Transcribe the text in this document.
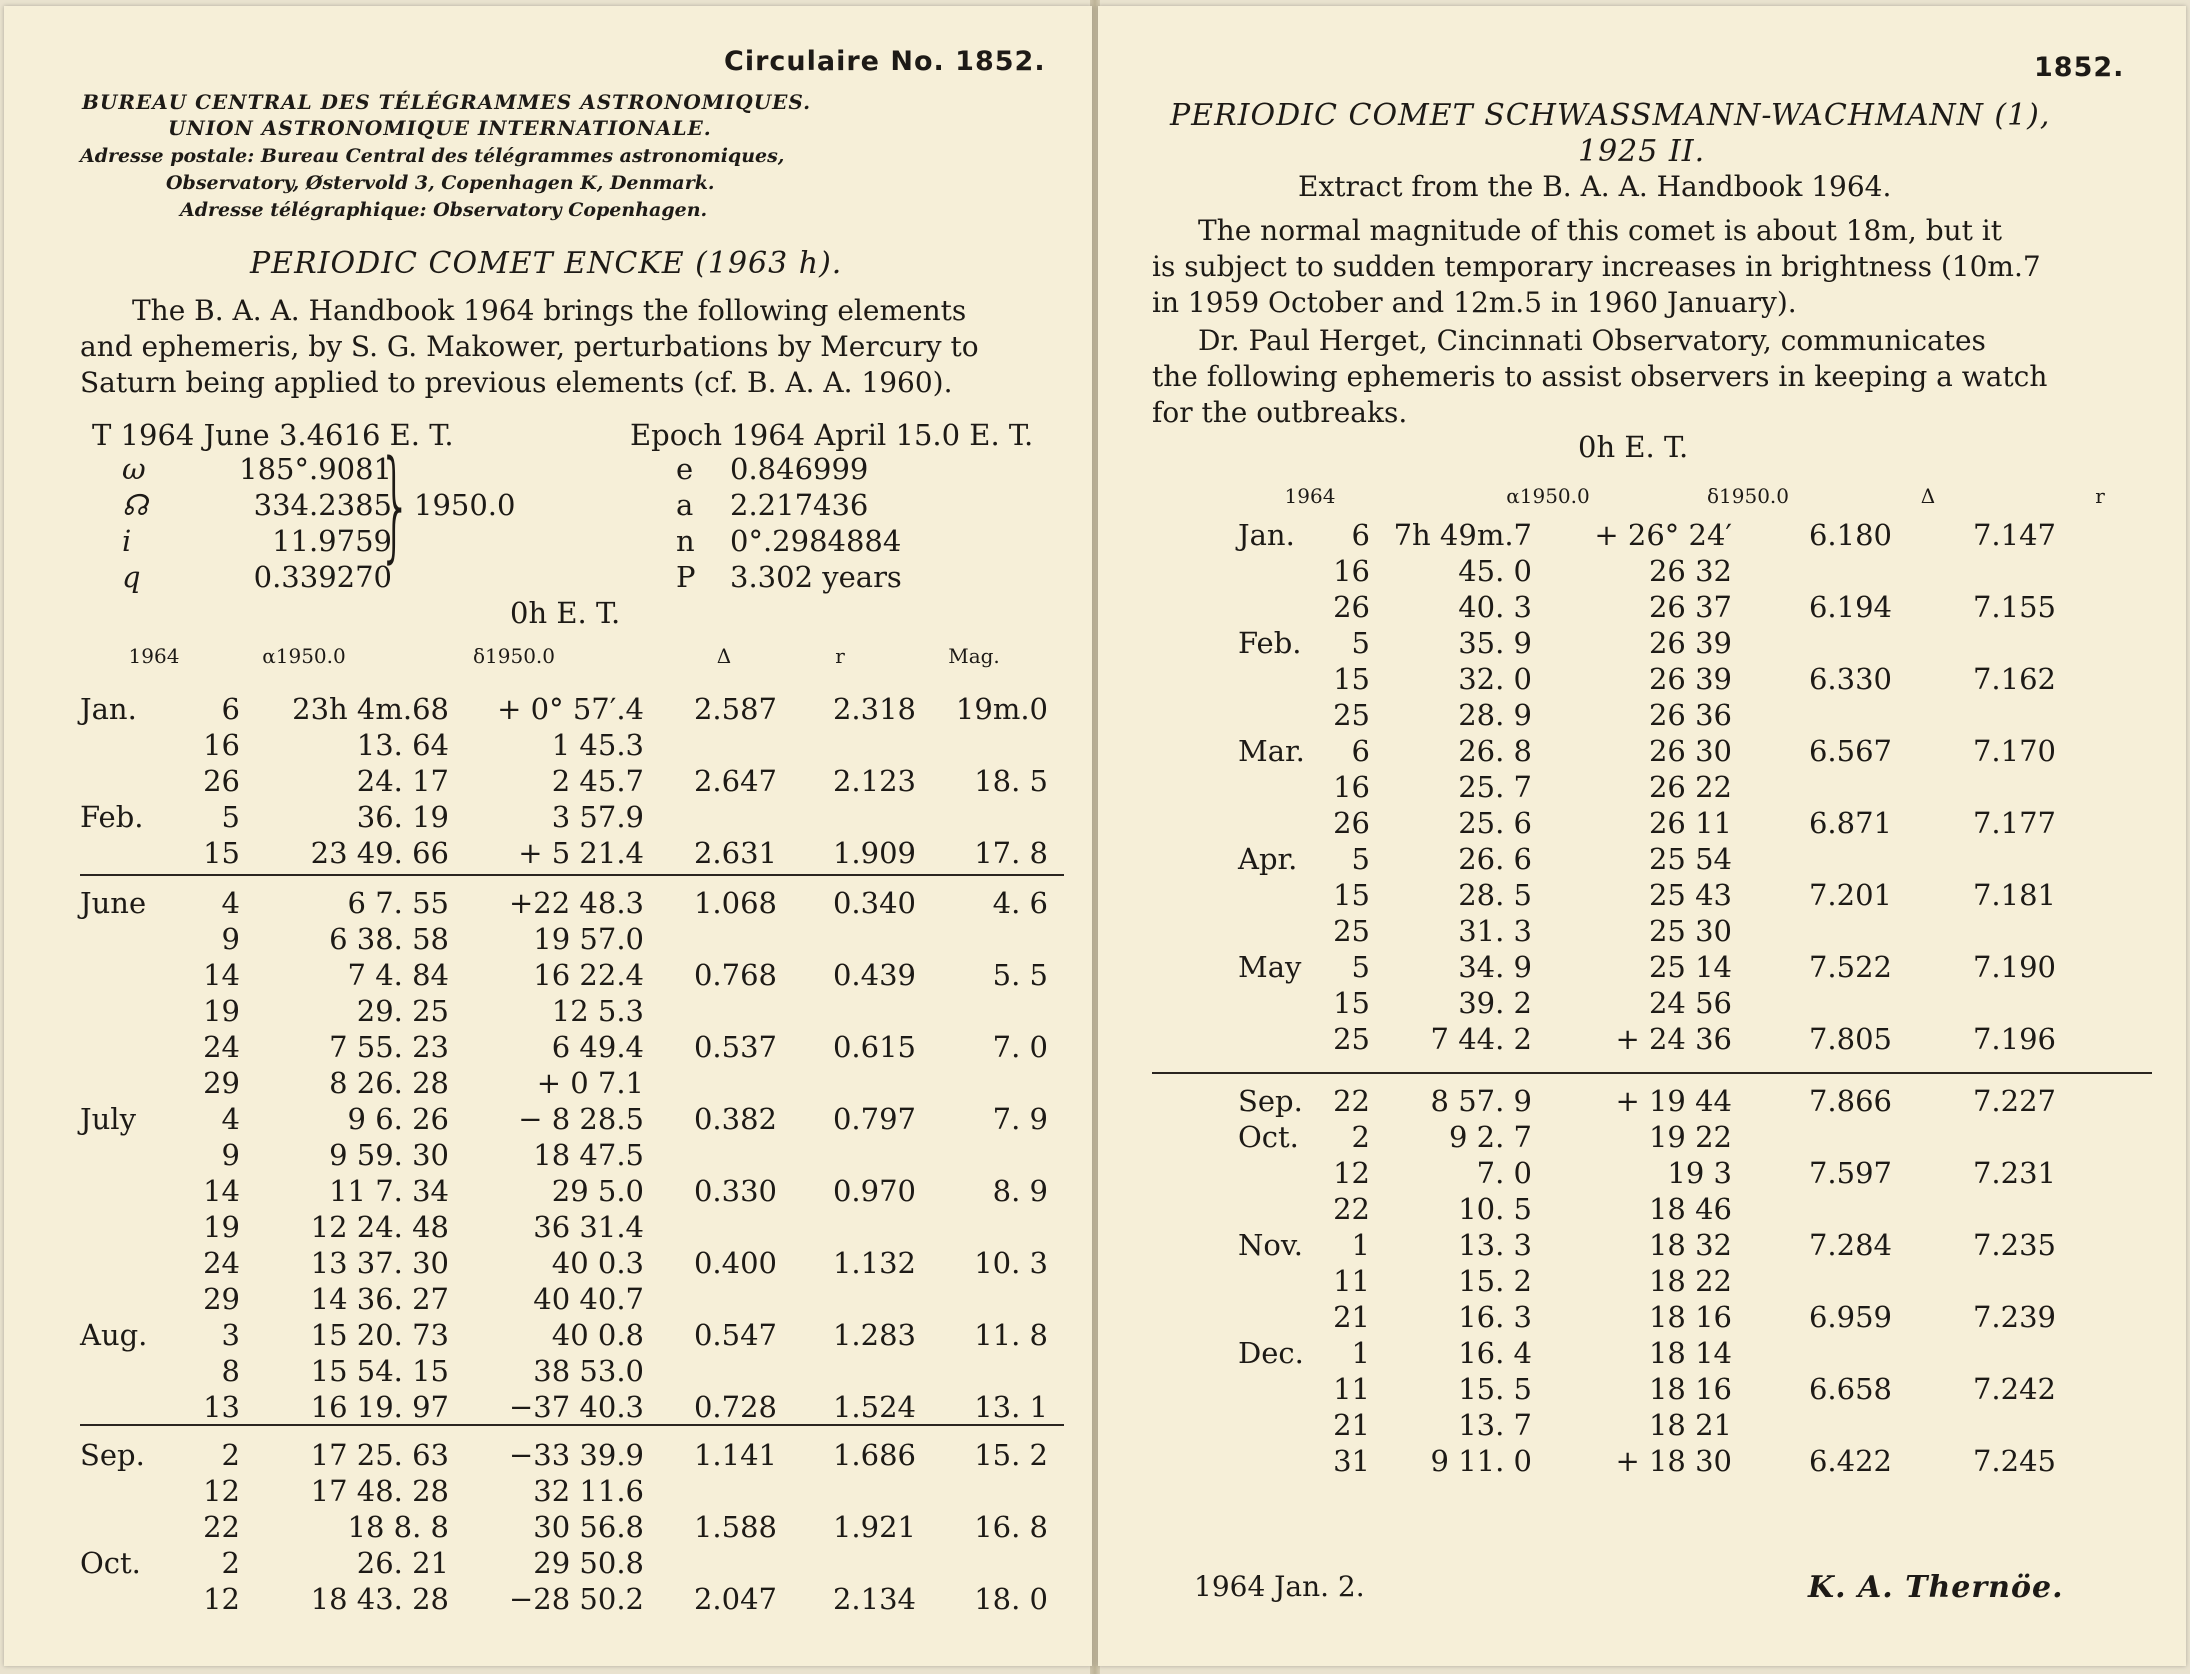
Circulaire No. 1852.
BUREAU CENTRAL DES TÉLÉGRAMMES ASTRONOMIQUES.
UNION ASTRONOMIQUE INTERNATIONALE.
Adresse postale: Bureau Central des télégrammes astronomiques,
Observatory, Østervold 3, Copenhagen K, Denmark.
Adresse télégraphique: Observatory Copenhagen.
PERIODIC COMET ENCKE (1963 h).
The B. A. A. Handbook 1964 brings the following elements
and ephemeris, by S. G. Makower, perturbations by Mercury to
Saturn being applied to previous elements (cf. B. A. A. 1960).
T 1964 June 3.4616 E. T.	Epoch 1964 April 15.0 E. T.
ω	185°.9081
☊	334.2385
i	11.9759
q	0.339270
} 1950.0
e 0.846999
a 2.217436
n 0°.2984884
P 3.302 years
0h E. T.
1964	α1950.0	δ1950.0	Δ	r	Mag.
Jan.	6	23h 4m.68	+ 0° 57′.4	2.587	2.318	19m.0
16	13. 64	1 45.3
26	24. 17	2 45.7	2.647	2.123	18. 5
Feb.	5	36. 19	3 57.9
15	23 49. 66	+ 5 21.4	2.631	1.909	17. 8
June	4	6 7. 55	+22 48.3	1.068	0.340	4. 6
9	6 38. 58	19 57.0
14	7 4. 84	16 22.4	0.768	0.439	5. 5
19	29. 25	12 5.3
24	7 55. 23	6 49.4	0.537	0.615	7. 0
29	8 26. 28	+ 0 7.1
July	4	9 6. 26	− 8 28.5	0.382	0.797	7. 9
9	9 59. 30	18 47.5
14	11 7. 34	29 5.0	0.330	0.970	8. 9
19	12 24. 48	36 31.4
24	13 37. 30	40 0.3	0.400	1.132	10. 3
29	14 36. 27	40 40.7
Aug.	3	15 20. 73	40 0.8	0.547	1.283	11. 8
8	15 54. 15	38 53.0
13	16 19. 97	−37 40.3	0.728	1.524	13. 1
Sep.	2	17 25. 63	−33 39.9	1.141	1.686	15. 2
12	17 48. 28	32 11.6
22	18 8. 8	30 56.8	1.588	1.921	16. 8
Oct.	2	26. 21	29 50.8
12	18 43. 28	−28 50.2	2.047	2.134	18. 0
1852.
PERIODIC COMET SCHWASSMANN-WACHMANN (1),
1925 II.
Extract from the B. A. A. Handbook 1964.
The normal magnitude of this comet is about 18m, but it
is subject to sudden temporary increases in brightness (10m.7
in 1959 October and 12m.5 in 1960 January).
Dr. Paul Herget, Cincinnati Observatory, communicates
the following ephemeris to assist observers in keeping a watch
for the outbreaks.
0h E. T.
1964	α1950.0	δ1950.0	Δ	r
Jan.	6 7h 49m.7	+ 26° 24′	6.180	7.147
16	45. 0	26 32
26	40. 3	26 37	6.194	7.155
Feb.	5	35. 9	26 39
15	32. 0	26 39	6.330	7.162
25	28. 9	26 36
Mar.	6	26. 8	26 30	6.567	7.170
16	25. 7	26 22
26	25. 6	26 11	6.871	7.177
Apr.	5	26. 6	25 54
15	28. 5	25 43	7.201	7.181
25	31. 3	25 30
May	5	34. 9	25 14	7.522	7.190
15	39. 2	24 56
25	7 44. 2	+ 24 36	7.805	7.196
Sep.	22	8 57. 9	+ 19 44	7.866	7.227
Oct.	2	9 2. 7	19 22
12	7. 0	19 3	7.597	7.231
22	10. 5	18 46
Nov.	1	13. 3	18 32	7.284	7.235
11	15. 2	18 22
21	16. 3	18 16	6.959	7.239
Dec.	1	16. 4	18 14
11	15. 5	18 16	6.658	7.242
21	13. 7	18 21
31	9 11. 0	+ 18 30	6.422	7.245
1964 Jan. 2.	K. A. Thernöe.
